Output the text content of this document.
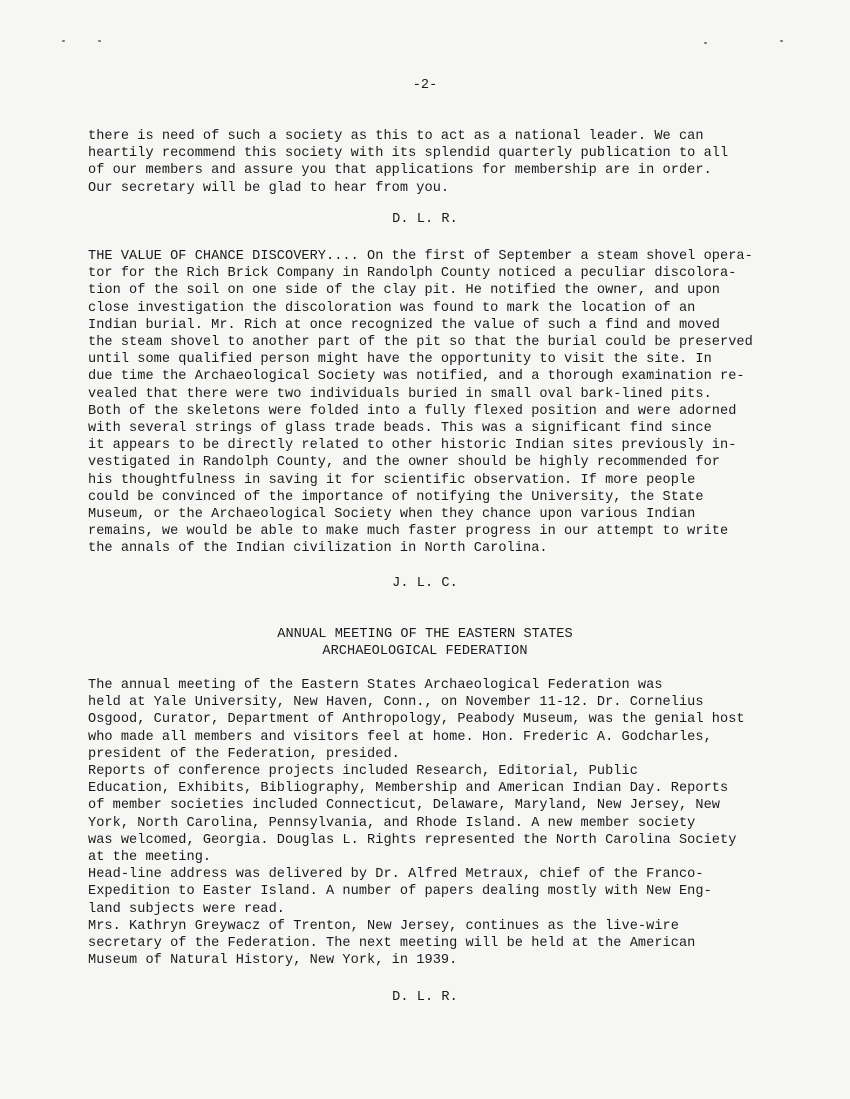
-2-
there is need of such a society as this to act as a national leader. We can
heartily recommend this society with its splendid quarterly publication to all
of our members and assure you that applications for membership are in order.
Our secretary will be glad to hear from you.
D. L. R.
THE VALUE OF CHANCE DISCOVERY.... On the first of September a steam shovel opera-
tor for the Rich Brick Company in Randolph County noticed a peculiar discolora-
tion of the soil on one side of the clay pit. He notified the owner, and upon
close investigation the discoloration was found to mark the location of an
Indian burial. Mr. Rich at once recognized the value of such a find and moved
the steam shovel to another part of the pit so that the burial could be preserved
until some qualified person might have the opportunity to visit the site. In
due time the Archaeological Society was notified, and a thorough examination re-
vealed that there were two individuals buried in small oval bark-lined pits.
Both of the skeletons were folded into a fully flexed position and were adorned
with several strings of glass trade beads. This was a significant find since
it appears to be directly related to other historic Indian sites previously in-
vestigated in Randolph County, and the owner should be highly recommended for
his thoughtfulness in saving it for scientific observation. If more people
could be convinced of the importance of notifying the University, the State
Museum, or the Archaeological Society when they chance upon various Indian
remains, we would be able to make much faster progress in our attempt to write
the annals of the Indian civilization in North Carolina.
J. L. C.
ANNUAL MEETING OF THE EASTERN STATES
ARCHAEOLOGICAL FEDERATION
The annual meeting of the Eastern States Archaeological Federation was
held at Yale University, New Haven, Conn., on November 11-12. Dr. Cornelius
Osgood, Curator, Department of Anthropology, Peabody Museum, was the genial host
who made all members and visitors feel at home. Hon. Frederic A. Godcharles,
president of the Federation, presided.
Reports of conference projects included Research, Editorial, Public
Education, Exhibits, Bibliography, Membership and American Indian Day. Reports
of member societies included Connecticut, Delaware, Maryland, New Jersey, New
York, North Carolina, Pennsylvania, and Rhode Island. A new member society
was welcomed, Georgia. Douglas L. Rights represented the North Carolina Society
at the meeting.
Head-line address was delivered by Dr. Alfred Metraux, chief of the Franco-
Expedition to Easter Island. A number of papers dealing mostly with New Eng-
land subjects were read.
Mrs. Kathryn Greywacz of Trenton, New Jersey, continues as the live-wire
secretary of the Federation. The next meeting will be held at the American
Museum of Natural History, New York, in 1939.
D. L. R.
